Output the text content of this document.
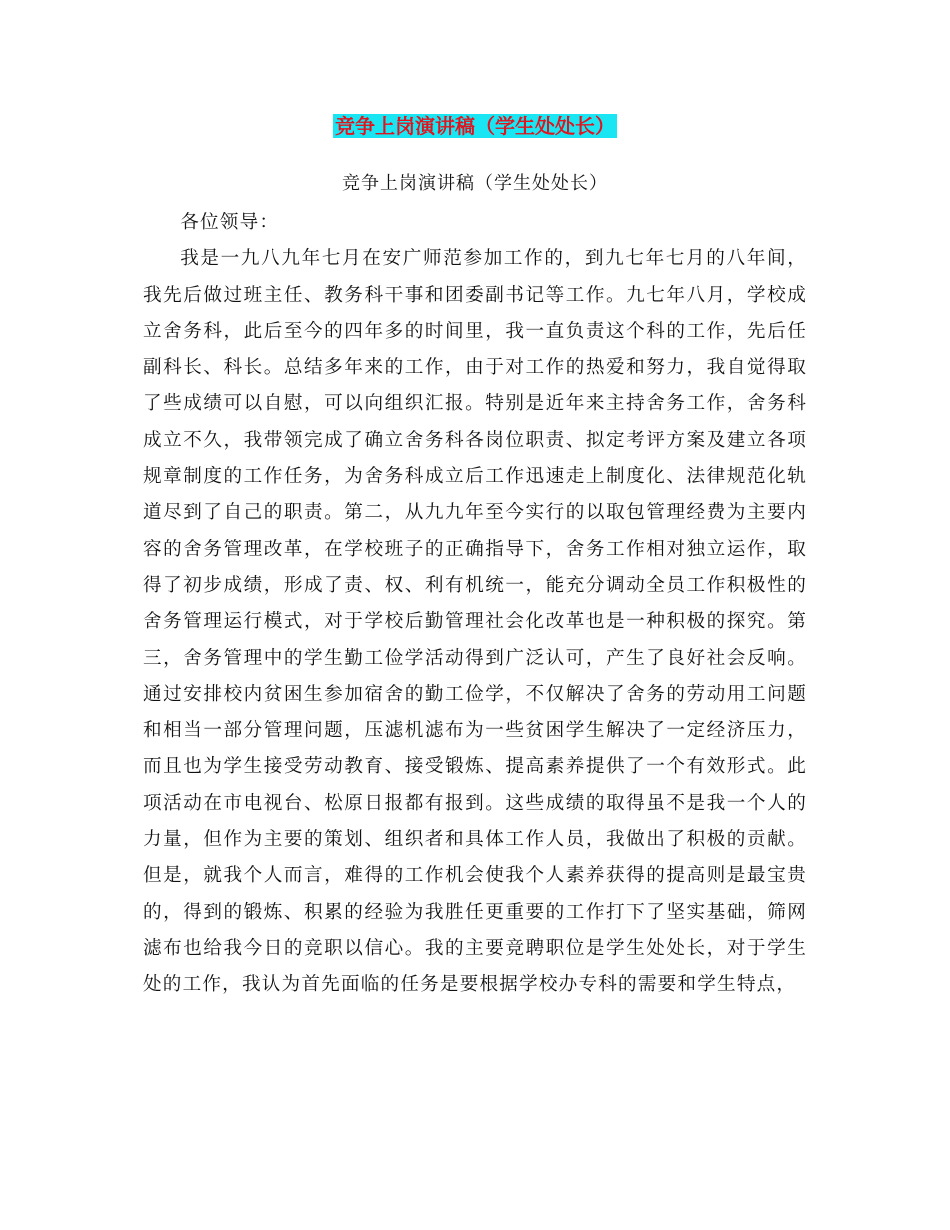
竞争上岗演讲稿（学生处处长）
竞争上岗演讲稿（学生处处长）

各位领导：

我是一九八九年七月在安广师范参加工作的，到九七年七月的八年间，我先后做过班主任、教务科干事和团委副书记等工作。九七年八月，学校成立舍务科，此后至今的四年多的时间里，我一直负责这个科的工作，先后任副科长、科长。总结多年来的工作，由于对工作的热爱和努力，我自觉得取了些成绩可以自慰，可以向组织汇报。特别是近年来主持舍务工作，舍务科成立不久，我带领完成了确立舍务科各岗位职责、拟定考评方案及建立各项规章制度的工作任务，为舍务科成立后工作迅速走上制度化、法律规范化轨道尽到了自己的职责。第二，从九九年至今实行的以取包管理经费为主要内容的舍务管理改革，在学校班子的正确指导下，舍务工作相对独立运作，取得了初步成绩，形成了责、权、利有机统一，能充分调动全员工作积极性的舍务管理运行模式，对于学校后勤管理社会化改革也是一种积极的探究。第三，舍务管理中的学生勤工俭学活动得到广泛认可，产生了良好社会反响。通过安排校内贫困生参加宿舍的勤工俭学，不仅解决了舍务的劳动用工问题和相当一部分管理问题，压滤机滤布为一些贫困学生解决了一定经济压力，而且也为学生接受劳动教育、接受锻炼、提高素养提供了一个有效形式。此项活动在市电视台、松原日报都有报到。这些成绩的取得虽不是我一个人的力量，但作为主要的策划、组织者和具体工作人员，我做出了积极的贡献。但是，就我个人而言，难得的工作机会使我个人素养获得的提高则是最宝贵的，得到的锻炼、积累的经验为我胜任更重要的工作打下了坚实基础，筛网滤布也给我今日的竞职以信心。我的主要竞聘职位是学生处处长，对于学生处的工作，我认为首先面临的任务是要根据学校办专科的需要和学生特点，
